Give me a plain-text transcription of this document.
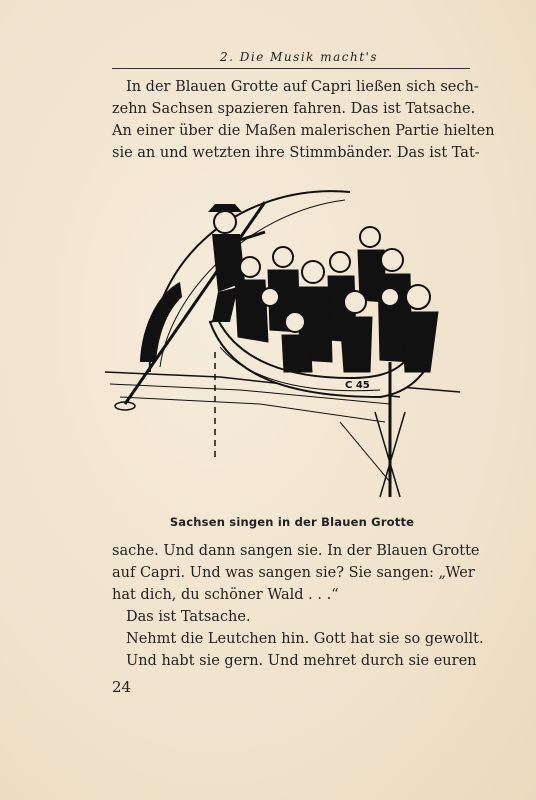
2. Die Musik macht's
In der Blauen Grotte auf Capri ließen sich sech-
zehn Sachsen spazieren fahren. Das ist Tatsache.
An einer über die Maßen malerischen Partie hielten
sie an und wetzten ihre Stimmbänder. Das ist Tat-
C 45
Sachsen singen in der Blauen Grotte
sache. Und dann sangen sie. In der Blauen Grotte
auf Capri. Und was sangen sie? Sie sangen: „Wer
hat dich, du schöner Wald . . .“
Das ist Tatsache.
Nehmt die Leutchen hin. Gott hat sie so gewollt.
Und habt sie gern. Und mehret durch sie euren
24
